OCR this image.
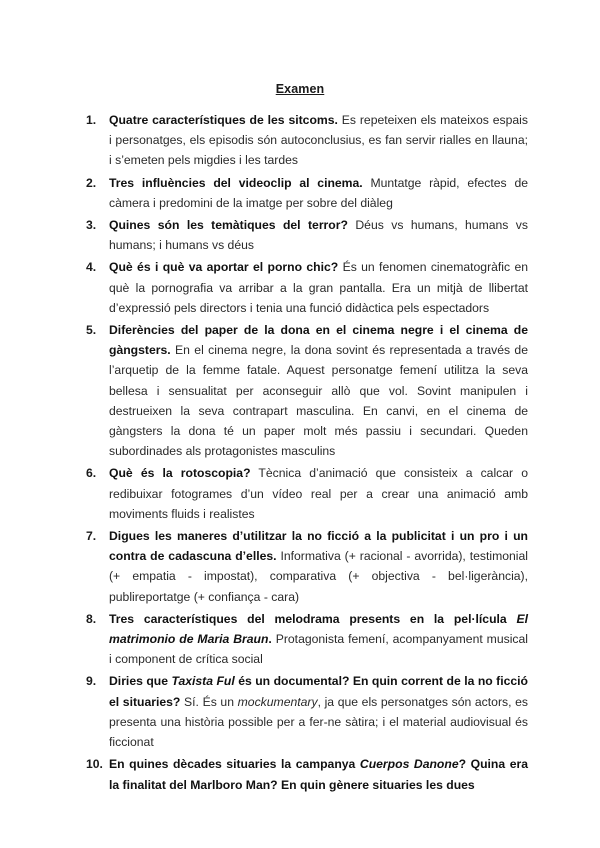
Examen
1. Quatre característiques de les sitcoms. Es repeteixen els mateixos espais i personatges, els episodis són autoconclusius, es fan servir rialles en llauna; i s’emeten pels migdies i les tardes
2. Tres influències del videoclip al cinema. Muntatge ràpid, efectes de càmera i predomini de la imatge per sobre del diàleg
3. Quines són les temàtiques del terror? Déus vs humans, humans vs humans; i humans vs déus
4. Què és i què va aportar el porno chic? És un fenomen cinematogràfic en què la pornografia va arribar a la gran pantalla. Era un mitjà de llibertat d’expressió pels directors i tenia una funció didàctica pels espectadors
5. Diferències del paper de la dona en el cinema negre i el cinema de gàngsters. En el cinema negre, la dona sovint és representada a través de l’arquetip de la femme fatale. Aquest personatge femení utilitza la seva bellesa i sensualitat per aconseguir allò que vol. Sovint manipulen i destrueixen la seva contrapart masculina. En canvi, en el cinema de gàngsters la dona té un paper molt més passiu i secundari. Queden subordinades als protagonistes masculins
6. Què és la rotoscopia? Tècnica d’animació que consisteix a calcar o redibuixar fotogrames d’un vídeo real per a crear una animació amb moviments fluids i realistes
7. Digues les maneres d’utilitzar la no ficció a la publicitat i un pro i un contra de cadascuna d’elles. Informativa (+ racional - avorrida), testimonial (+ empatia - impostat), comparativa (+ objectiva - bel·ligerància), publireportatge (+ confiança - cara)
8. Tres característiques del melodrama presents en la pel·lícula El matrimonio de Maria Braun. Protagonista femení, acompanyament musical i component de crítica social
9. Diries que Taxista Ful és un documental? En quin corrent de la no ficció el situaries? Sí. És un mockumentary, ja que els personatges són actors, es presenta una història possible per a fer-ne sàtira; i el material audiovisual és ficcionat
10. En quines dècades situaries la campanya Cuerpos Danone? Quina era la finalitat del Marlboro Man? En quin gènere situaries les dues
